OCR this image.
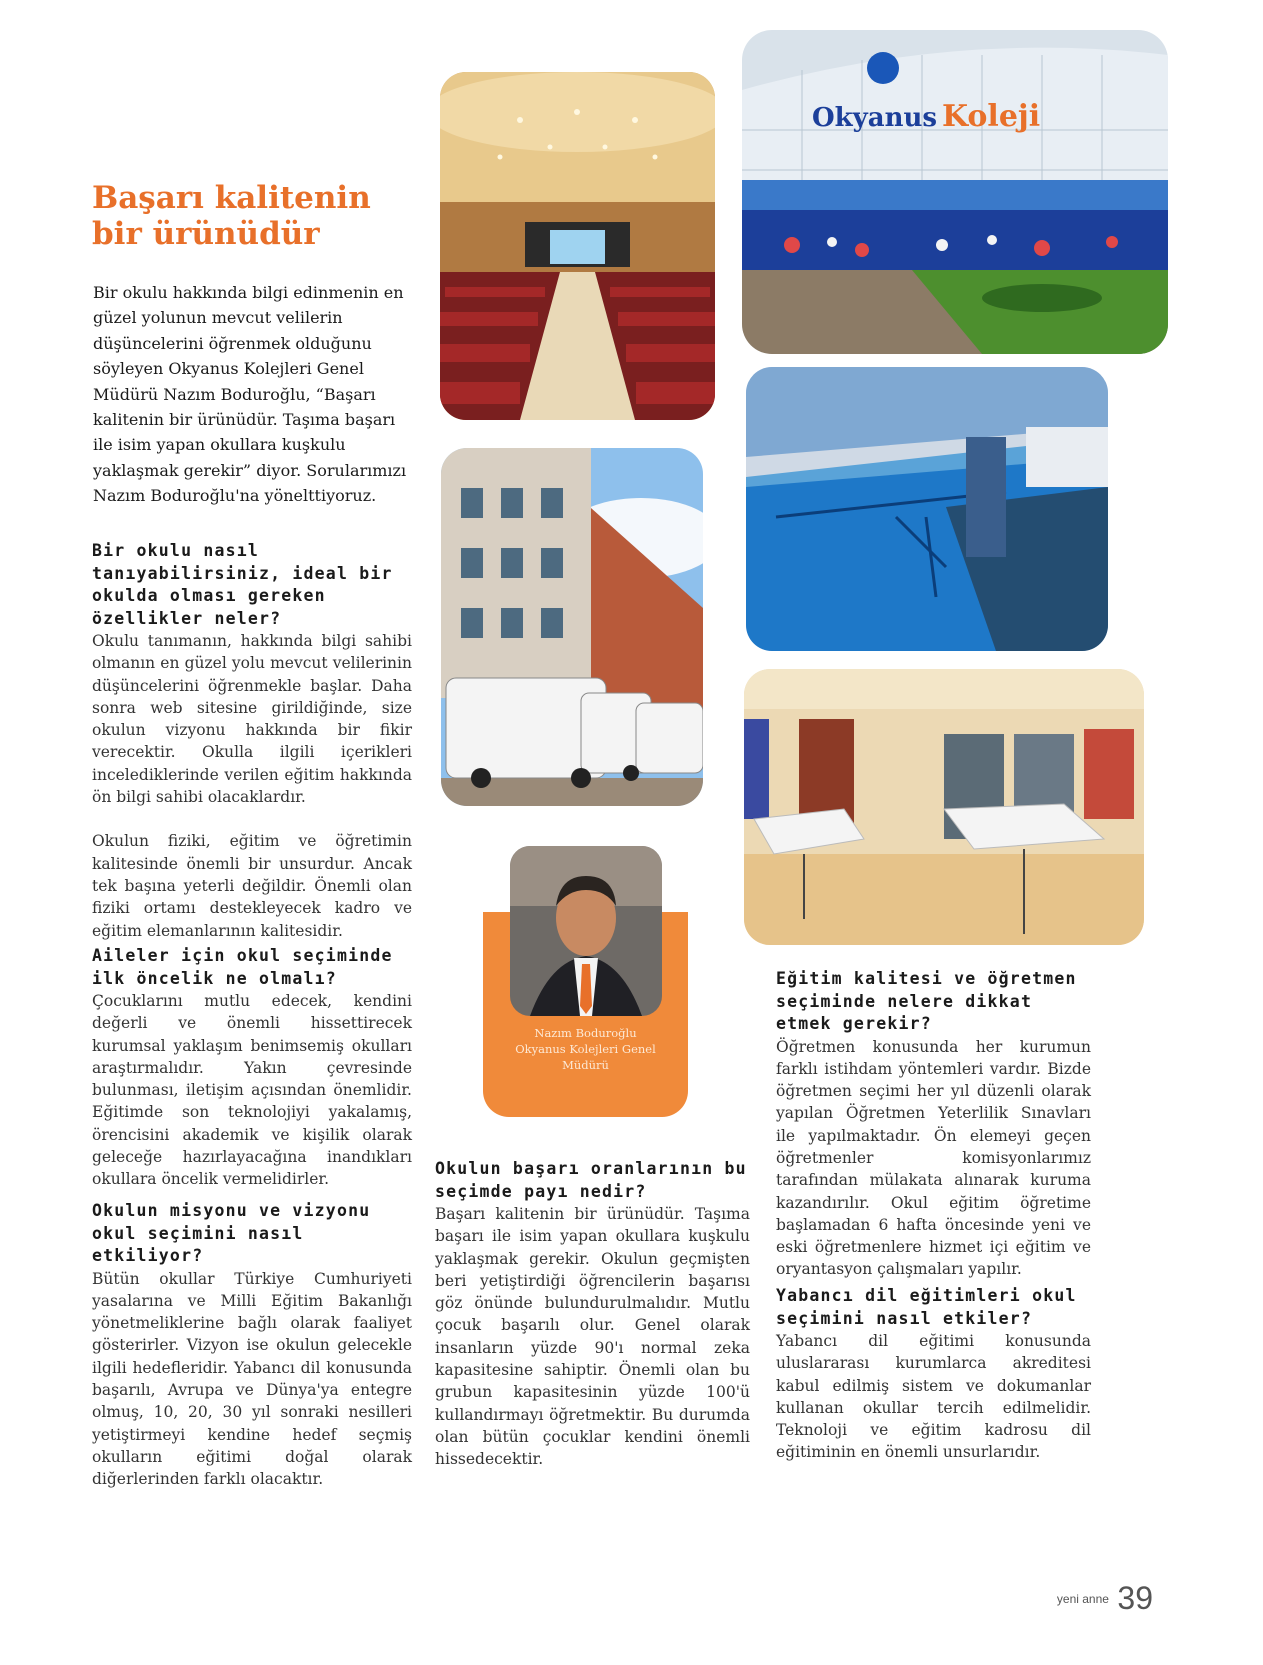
Başarı kalitenin
bir ürünüdür
Bir okulu hakkında bilgi edinmenin en güzel yolunun mevcut velilerin düşüncelerini öğrenmek olduğunu söyleyen Okyanus Kolejleri Genel Müdürü Nazım Boduroğlu, “Başarı kalitenin bir ürünüdür. Taşıma başarı ile isim yapan okullara kuşkulu yaklaşmak gerekir” diyor. Sorularımızı Nazım Boduroğlu'na yönelttiyoruz.

Bir okulu nasıl tanıyabilirsiniz, ideal bir okulda olması gereken özellikler neler?

Okulu tanımanın, hakkında bilgi sahibi olmanın en güzel yolu mevcut velilerinin düşüncelerini öğrenmekle başlar. Daha sonra web sitesine girildiğinde, size okulun vizyonu hakkında bir fikir verecektir. Okulla ilgili içerikleri incelediklerinde verilen eğitim hakkında ön bilgi sahibi olacaklardır.

Okulun fiziki, eğitim ve öğretimin kalitesinde önemli bir unsurdur. Ancak tek başına yeterli değildir. Önemli olan fiziki ortamı destekleyecek kadro ve eğitim elemanlarının kalitesidir.

Aileler için okul seçiminde ilk öncelik ne olmalı?

Çocuklarını mutlu edecek, kendini değerli ve önemli hissettirecek kurumsal yaklaşım benimsemiş okulları araştırmalıdır. Yakın çevresinde bulunması, iletişim açısından önemlidir. Eğitimde son teknolojiyi yakalamış, örencisini akademik ve kişilik olarak geleceğe hazırlayacağına inandıkları okullara öncelik vermelidirler.

Okulun misyonu ve vizyonu okul seçimini nasıl etkiliyor?

Bütün okullar Türkiye Cumhuriyeti yasalarına ve Milli Eğitim Bakanlığı yönetmeliklerine bağlı olarak faaliyet gösterirler. Vizyon ise okulun gelecekle ilgili hedefleridir. Yabancı dil konusunda başarılı, Avrupa ve Dünya'ya entegre olmuş, 10, 20, 30 yıl sonraki nesilleri yetiştirmeyi kendine hedef seçmiş okulların eğitimi doğal olarak diğerlerinden farklı olacaktır.

Okulun başarı oranlarının bu seçimde payı nedir?

Başarı kalitenin bir ürünüdür. Taşıma başarı ile isim yapan okullara kuşkulu yaklaşmak gerekir. Okulun geçmişten beri yetiştirdiği öğrencilerin başarısı göz önünde bulundurulmalıdır. Mutlu çocuk başarılı olur. Genel olarak insanların yüzde 90'ı normal zeka kapasitesine sahiptir. Önemli olan bu grubun kapasitesinin yüzde 100'ü kullandırmayı öğretmektir. Bu durumda olan bütün çocuklar kendini önemli hissedecektir.

Eğitim kalitesi ve öğretmen seçiminde nelere dikkat etmek gerekir?

Öğretmen konusunda her kurumun farklı istihdam yöntemleri vardır. Bizde öğretmen seçimi her yıl düzenli olarak yapılan Öğretmen Yeterlilik Sınavları ile yapılmaktadır. Ön elemeyi geçen öğretmenler komisyonlarımız tarafından mülakata alınarak kuruma kazandırılır. Okul eğitim öğretime başlamadan 6 hafta öncesinde yeni ve eski öğretmenlere hizmet içi eğitim ve oryantasyon çalışmaları yapılır.

Yabancı dil eğitimleri okul seçimini nasıl etkiler?

Yabancı dil eğitimi konusunda uluslararası kurumlarca akreditesi kabul edilmiş sistem ve dokumanlar kullanan okullar tercih edilmelidir. Teknoloji ve eğitim kadrosu dil eğitiminin en önemli unsurlarıdır.

Okyanus Koleji
Nazım Boduroğlu
Okyanus Kolejleri Genel
Müdürü
$^{yeni anne}$ 39
